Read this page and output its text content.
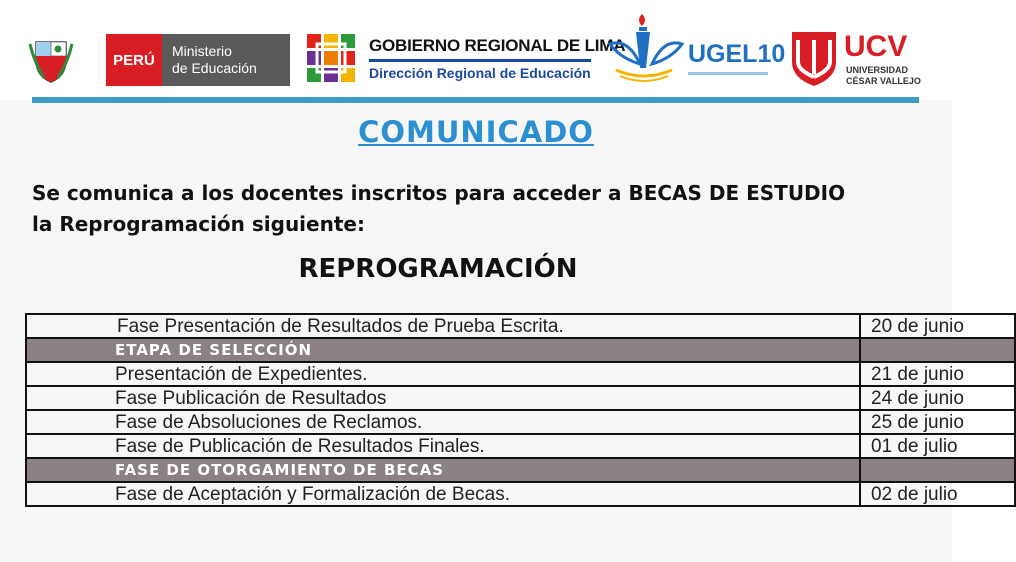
PERÚ
Ministerio
de Educación
GOBIERNO REGIONAL DE LIMA
Dirección Regional de Educación
UGEL10 UCV
UNIVERSIDAD
CÉSAR VALLEJO
COMUNICADO
Se comunica a los docentes inscritos para acceder a BECAS DE ESTUDIO
la Reprogramación siguiente:
REPROGRAMACIÓN
Fase Presentación de Resultados de Prueba Escrita.	20 de junio
ETAPA DE SELECCIÓN	
Presentación de Expedientes.	21 de junio
Fase Publicación de Resultados	24 de junio
Fase de Absoluciones de Reclamos.	25 de junio
Fase de Publicación de Resultados Finales.	01 de julio
FASE DE OTORGAMIENTO DE BECAS	
Fase de Aceptación y Formalización de Becas.	02 de julio
